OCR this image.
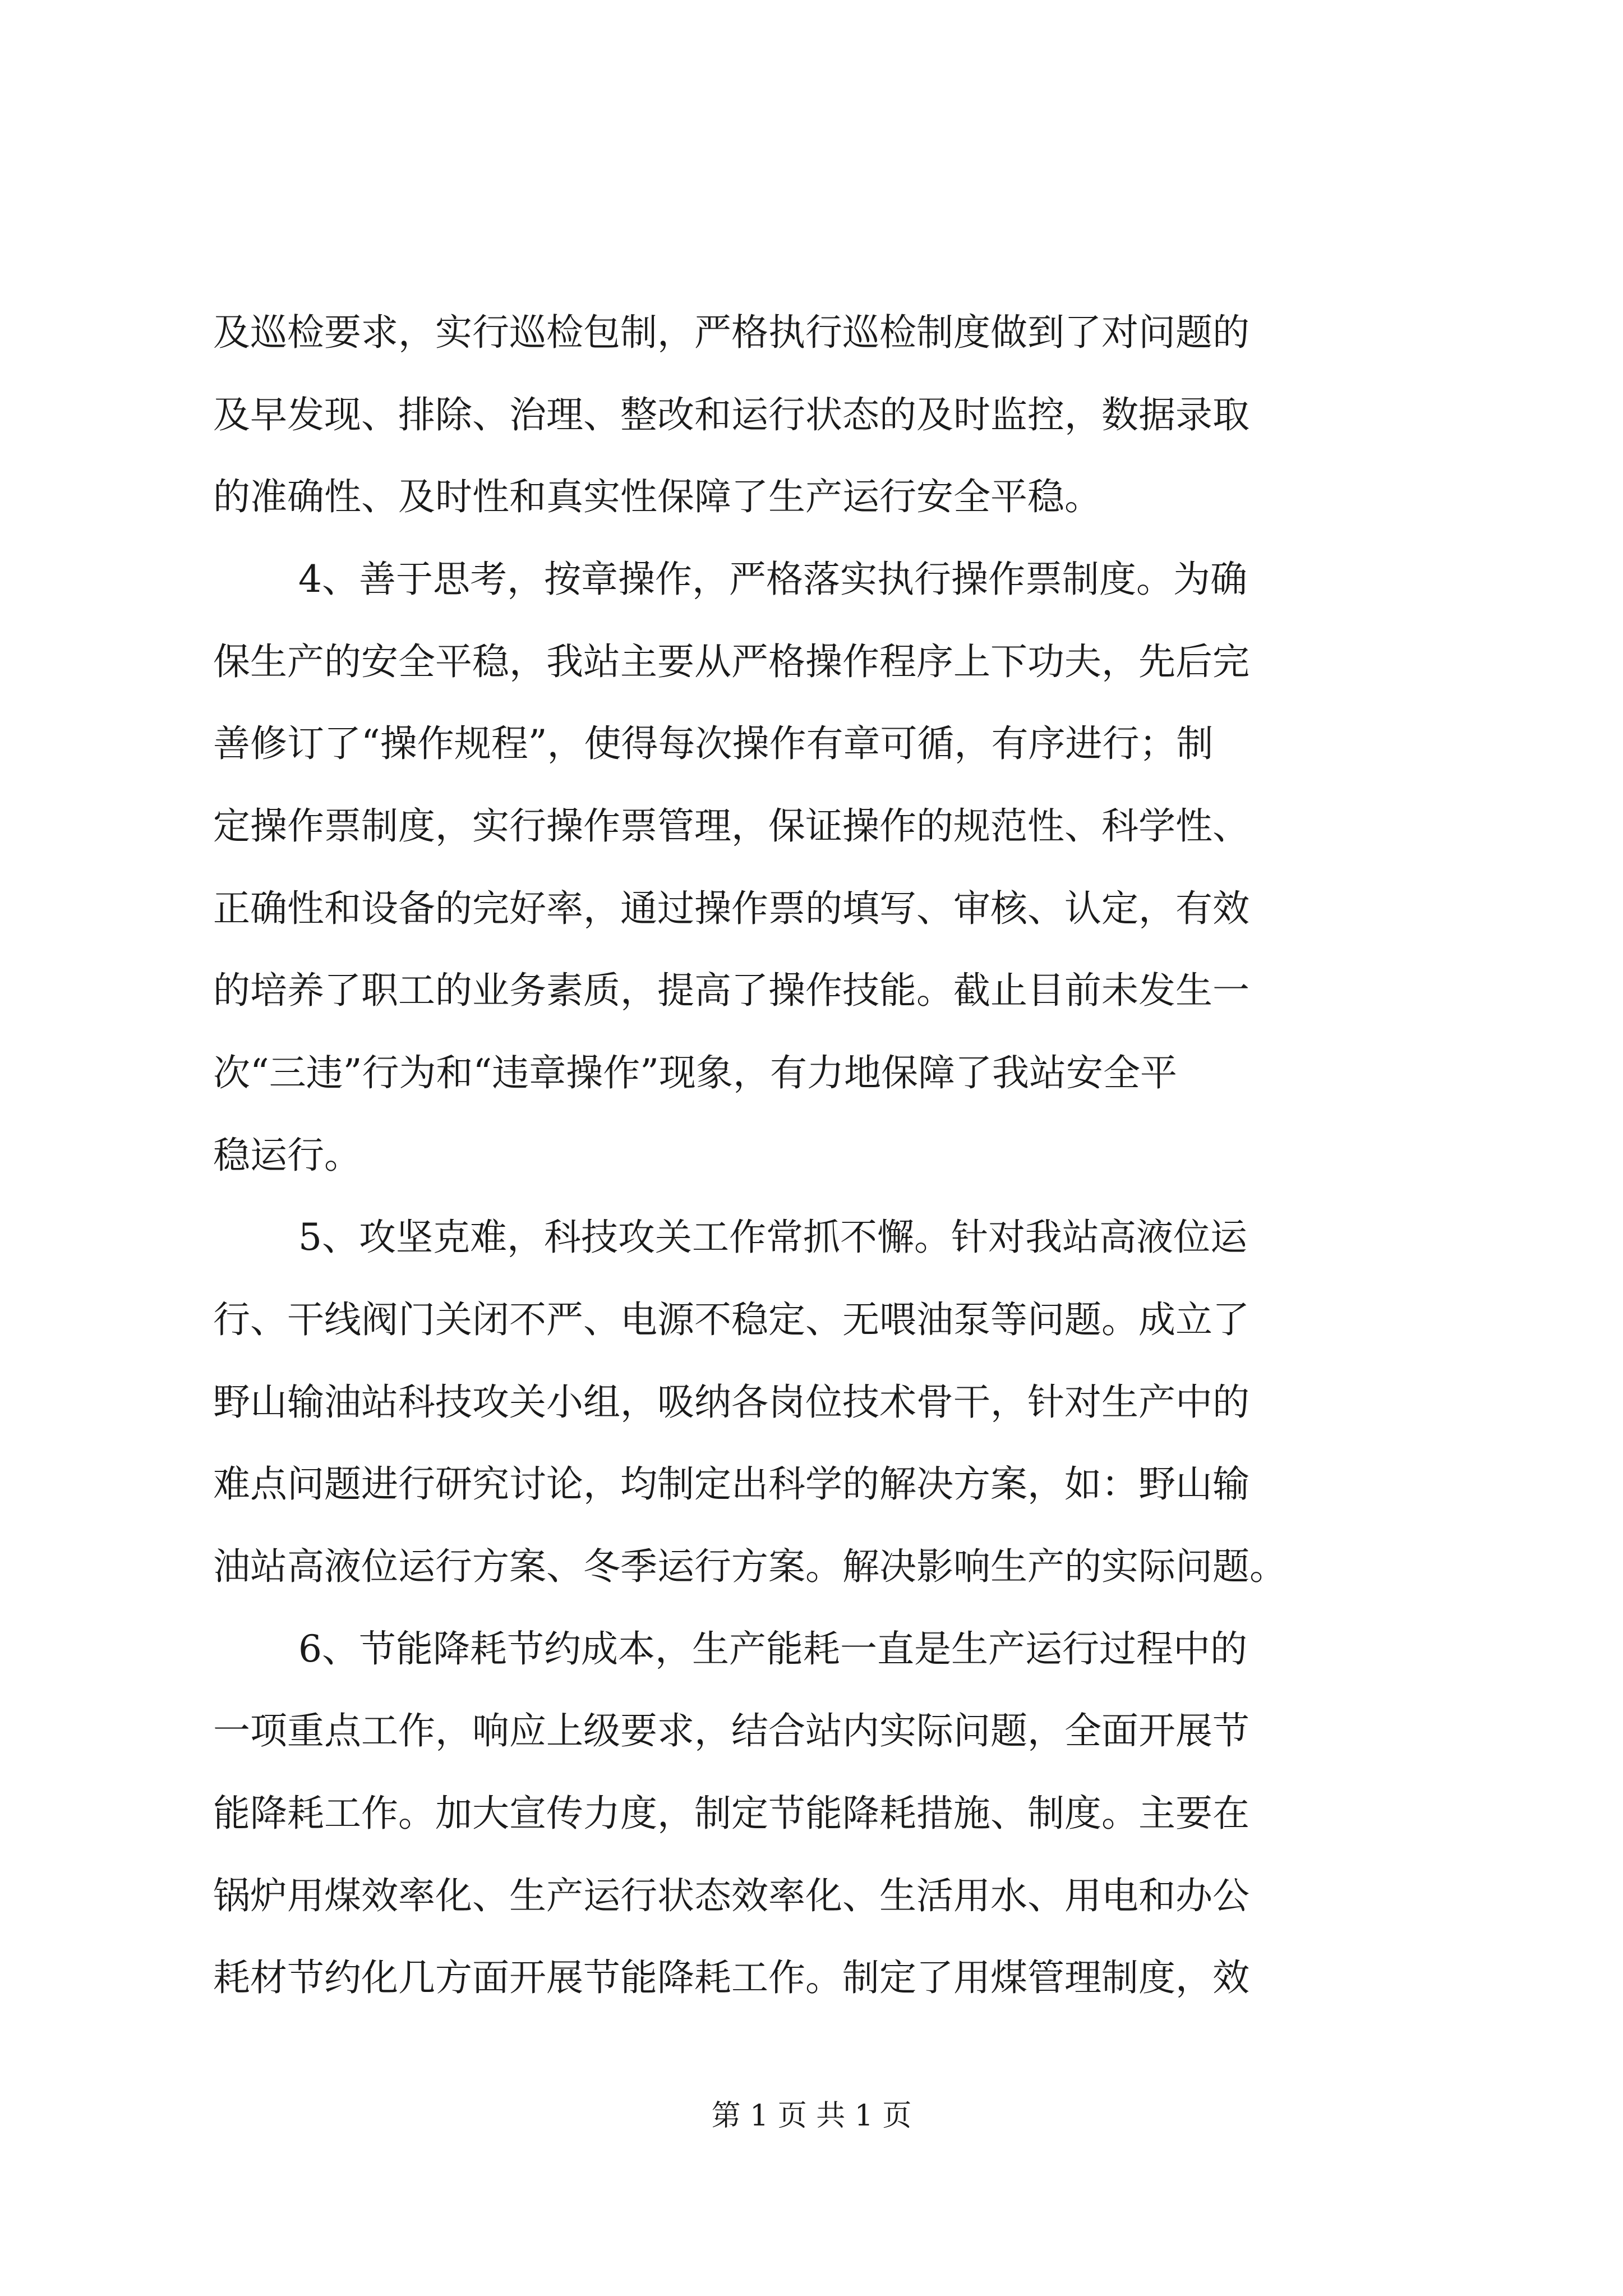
及巡检要求，实行巡检包制，严格执行巡检制度做到了对问题的
及早发现、排除、治理、整改和运行状态的及时监控，数据录取
的准确性、及时性和真实性保障了生产运行安全平稳。
4、善于思考，按章操作，严格落实执行操作票制度。为确
保生产的安全平稳，我站主要从严格操作程序上下功夫，先后完
善修订了“操作规程”，使得每次操作有章可循，有序进行；制
定操作票制度，实行操作票管理，保证操作的规范性、科学性、
正确性和设备的完好率，通过操作票的填写、审核、认定，有效
的培养了职工的业务素质，提高了操作技能。截止目前未发生一
次“三违”行为和“违章操作”现象，有力地保障了我站安全平
稳运行。
5、攻坚克难，科技攻关工作常抓不懈。针对我站高液位运
行、干线阀门关闭不严、电源不稳定、无喂油泵等问题。成立了
野山输油站科技攻关小组，吸纳各岗位技术骨干，针对生产中的
难点问题进行研究讨论，均制定出科学的解决方案，如：野山输
油站高液位运行方案、冬季运行方案。解决影响生产的实际问题。
6、节能降耗节约成本，生产能耗一直是生产运行过程中的
一项重点工作，响应上级要求，结合站内实际问题，全面开展节
能降耗工作。加大宣传力度，制定节能降耗措施、制度。主要在
锅炉用煤效率化、生产运行状态效率化、生活用水、用电和办公
耗材节约化几方面开展节能降耗工作。制定了用煤管理制度，效
第 1 页 共 1 页
